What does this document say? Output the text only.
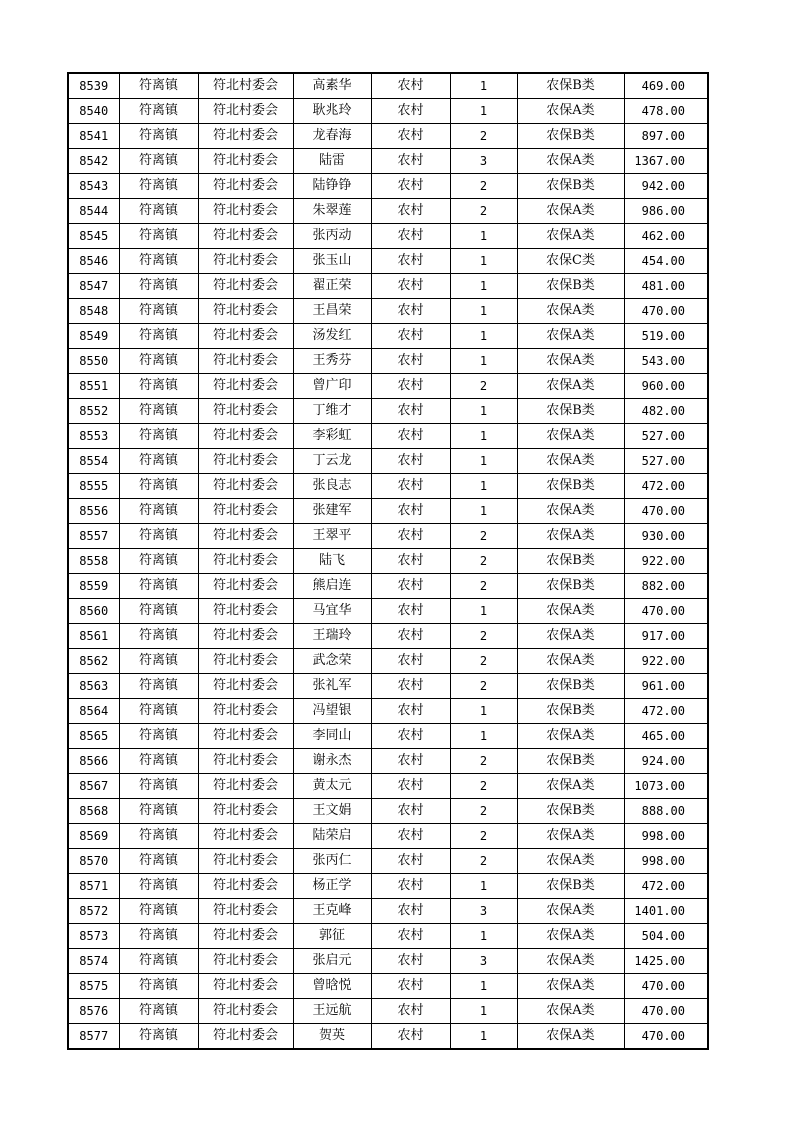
8539	符离镇	符北村委会	高素华	农村	1	农保B类	469.00
8540	符离镇	符北村委会	耿兆玲	农村	1	农保A类	478.00
8541	符离镇	符北村委会	龙春海	农村	2	农保B类	897.00
8542	符离镇	符北村委会	陆雷	农村	3	农保A类	1367.00
8543	符离镇	符北村委会	陆铮铮	农村	2	农保B类	942.00
8544	符离镇	符北村委会	朱翠莲	农村	2	农保A类	986.00
8545	符离镇	符北村委会	张丙动	农村	1	农保A类	462.00
8546	符离镇	符北村委会	张玉山	农村	1	农保C类	454.00
8547	符离镇	符北村委会	翟正荣	农村	1	农保B类	481.00
8548	符离镇	符北村委会	王昌荣	农村	1	农保A类	470.00
8549	符离镇	符北村委会	汤发红	农村	1	农保A类	519.00
8550	符离镇	符北村委会	王秀芬	农村	1	农保A类	543.00
8551	符离镇	符北村委会	曾广印	农村	2	农保A类	960.00
8552	符离镇	符北村委会	丁维才	农村	1	农保B类	482.00
8553	符离镇	符北村委会	李彩虹	农村	1	农保A类	527.00
8554	符离镇	符北村委会	丁云龙	农村	1	农保A类	527.00
8555	符离镇	符北村委会	张良志	农村	1	农保B类	472.00
8556	符离镇	符北村委会	张建军	农村	1	农保A类	470.00
8557	符离镇	符北村委会	王翠平	农村	2	农保A类	930.00
8558	符离镇	符北村委会	陆飞	农村	2	农保B类	922.00
8559	符离镇	符北村委会	熊启连	农村	2	农保B类	882.00
8560	符离镇	符北村委会	马宜华	农村	1	农保A类	470.00
8561	符离镇	符北村委会	王瑞玲	农村	2	农保A类	917.00
8562	符离镇	符北村委会	武念荣	农村	2	农保A类	922.00
8563	符离镇	符北村委会	张礼军	农村	2	农保B类	961.00
8564	符离镇	符北村委会	冯望银	农村	1	农保B类	472.00
8565	符离镇	符北村委会	李同山	农村	1	农保A类	465.00
8566	符离镇	符北村委会	谢永杰	农村	2	农保B类	924.00
8567	符离镇	符北村委会	黄太元	农村	2	农保A类	1073.00
8568	符离镇	符北村委会	王文娟	农村	2	农保B类	888.00
8569	符离镇	符北村委会	陆荣启	农村	2	农保A类	998.00
8570	符离镇	符北村委会	张丙仁	农村	2	农保A类	998.00
8571	符离镇	符北村委会	杨正学	农村	1	农保B类	472.00
8572	符离镇	符北村委会	王克峰	农村	3	农保A类	1401.00
8573	符离镇	符北村委会	郭征	农村	1	农保A类	504.00
8574	符离镇	符北村委会	张启元	农村	3	农保A类	1425.00
8575	符离镇	符北村委会	曾晗悦	农村	1	农保A类	470.00
8576	符离镇	符北村委会	王远航	农村	1	农保A类	470.00
8577	符离镇	符北村委会	贺英	农村	1	农保A类	470.00
